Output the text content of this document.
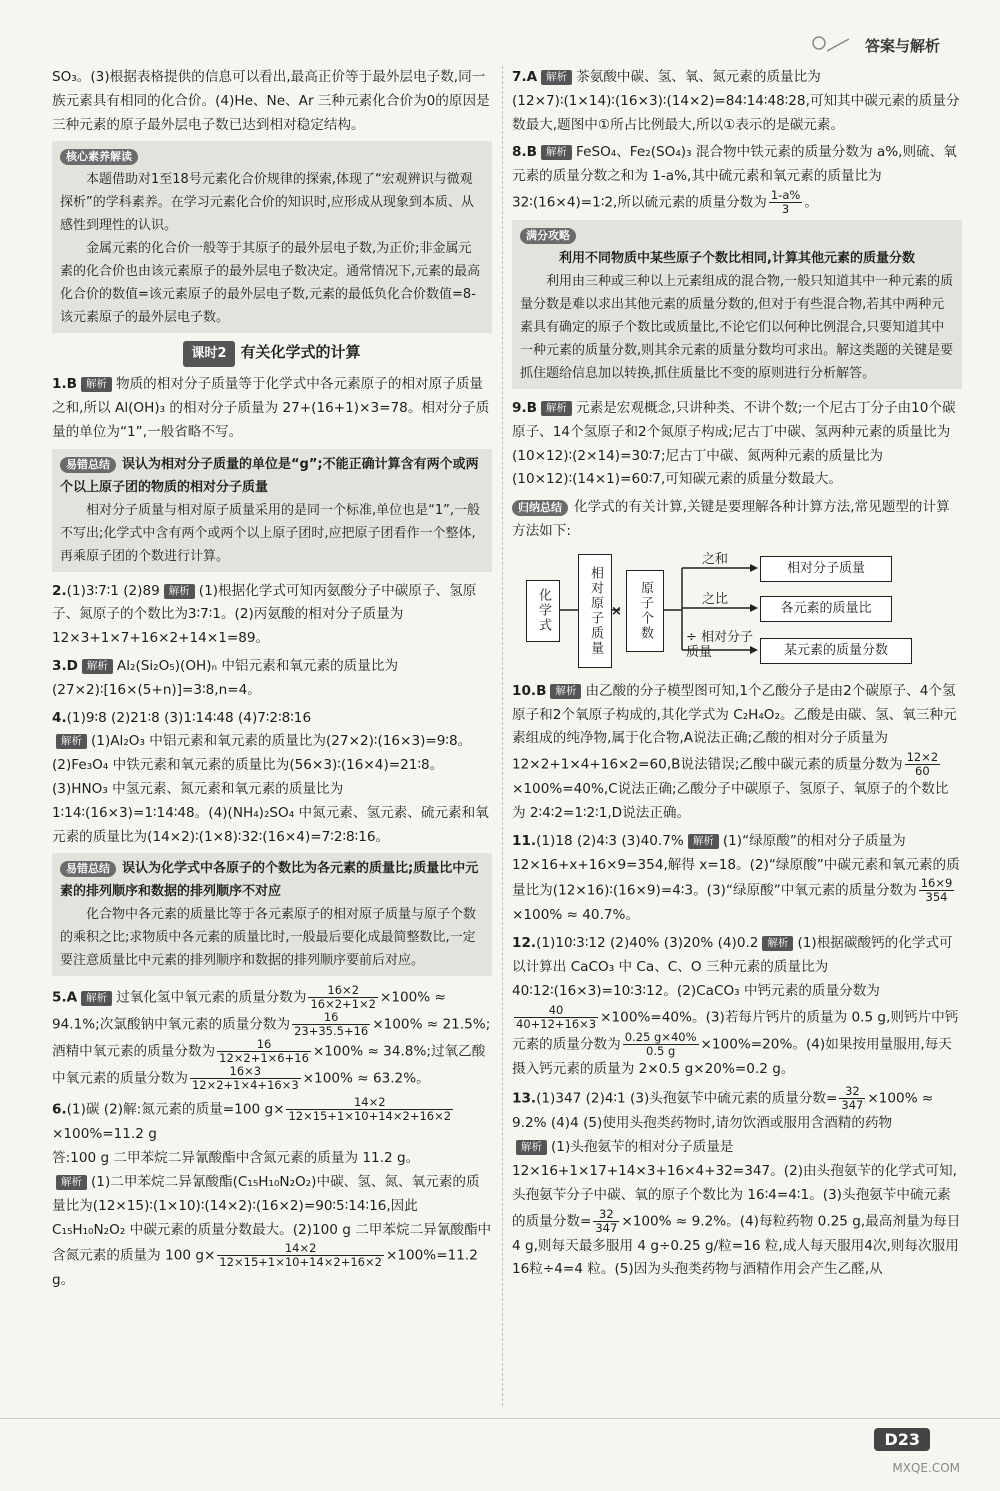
答案与解析

SO₃。(3)根据表格提供的信息可以看出,最高正价等于最外层电子数,同一族元素具有相同的化合价。(4)He、Ne、Ar 三种元素化合价为0的原因是三种元素的原子最外层电子数已达到相对稳定结构。

核心素养解读

本题借助对1至18号元素化合价规律的探索,体现了“宏观辨识与微观探析”的学科素养。在学习元素化合价的知识时,应形成从现象到本质、从感性到理性的认识。

金属元素的化合价一般等于其原子的最外层电子数,为正价;非金属元素的化合价也由该元素原子的最外层电子数决定。通常情况下,元素的最高化合价的数值=该元素原子的最外层电子数,元素的最低负化合价数值=8-该元素原子的最外层电子数。

课时2 有关化学式的计算

1.B 解析 物质的相对分子质量等于化学式中各元素原子的相对原子质量之和,所以 Al(OH)₃ 的相对分子质量为 27+(16+1)×3=78。相对分子质量的单位为“1”,一般省略不写。

易错总结 误认为相对分子质量的单位是“g”;不能正确计算含有两个或两个以上原子团的物质的相对分子质量

相对分子质量与相对原子质量采用的是同一个标准,单位也是“1”,一般不写出;化学式中含有两个或两个以上原子团时,应把原子团看作一个整体,再乘原子团的个数进行计算。

2.(1)3∶7∶1 (2)89 解析 (1)根据化学式可知丙氨酸分子中碳原子、氢原子、氮原子的个数比为3∶7∶1。(2)丙氨酸的相对分子质量为 12×3+1×7+16×2+14×1=89。

3.D 解析 Al₂(Si₂O₅)(OH)ₙ 中铝元素和氧元素的质量比为(27×2)∶[16×(5+n)]=3∶8,n=4。

4.(1)9∶8 (2)21∶8 (3)1∶14∶48 (4)7∶2∶8∶16
解析 (1)Al₂O₃ 中铝元素和氧元素的质量比为(27×2)∶(16×3)=9∶8。(2)Fe₃O₄ 中铁元素和氧元素的质量比为(56×3)∶(16×4)=21∶8。(3)HNO₃ 中氢元素、氮元素和氧元素的质量比为 1∶14∶(16×3)=1∶14∶48。(4)(NH₄)₂SO₄ 中氮元素、氢元素、硫元素和氧元素的质量比为(14×2)∶(1×8)∶32∶(16×4)=7∶2∶8∶16。

易错总结 误认为化学式中各原子的个数比为各元素的质量比;质量比中元素的排列顺序和数据的排列顺序不对应

化合物中各元素的质量比等于各元素原子的相对原子质量与原子个数的乘积之比;求物质中各元素的质量比时,一般最后要化成最简整数比,一定要注意质量比中元素的排列顺序和数据的排列顺序要前后对应。

5.A 解析 过氧化氢中氧元素的质量分数为 $\frac{16\times 2}{16\times 2+1\times 2} \times 100\% \approx 94.1\%$;次氯酸钠中氧元素的质量分数为 $\frac{16}{23+35.5+16} \times 100\% \approx 21.5\%$;酒精中氧元素的质量分数为 $\frac{16}{12\times 2+1\times 6+16} \times 100\% \approx 34.8\%$;过氧乙酸中氧元素的质量分数为 $\frac{16\times 3}{12\times 2+1\times 4+16\times 3} \times 100\% \approx 63.2\%$。

6.(1)碳 (2)解:氮元素的质量=100 $g\times \frac{14\times 2}{12\times 15+1\times 10+14\times 2+16\times 2}$
×100%=11.2 g
答:100 g 二甲苯烷二异氰酸酯中含氮元素的质量为 11.2 g。
解析 (1)二甲苯烷二异氰酸酯(C₁₅H₁₀N₂O₂)中碳、氢、氮、氧元素的质量比为(12×15)∶(1×10)∶(14×2)∶(16×2)=90∶5∶14∶16,因此 C₁₅H₁₀N₂O₂ 中碳元素的质量分数最大。(2)100 g 二甲苯烷二异氰酸酯中含氮元素的质量为 100 $g\times \frac{14\times 2}{12\times 15+1\times 10+14\times 2+16\times 2} \times 100\%=11.2$ g。

7.A 解析 茶氨酸中碳、氢、氧、氮元素的质量比为(12×7)∶(1×14)∶(16×3)∶(14×2)=84∶14∶48∶28,可知其中碳元素的质量分数最大,题图中①所占比例最大,所以①表示的是碳元素。

8.B 解析 FeSO₄、Fe₂(SO₄)₃ 混合物中铁元素的质量分数为 a%,则硫、氧元素的质量分数之和为 1-a%,其中硫元素和氧元素的质量比为 32∶(16×4)=1∶2,所以硫元素的质量分数为 $\frac{1-a\%}{3}$ 。

满分攻略
利用不同物质中某些原子个数比相同,计算其他元素的质量分数

利用由三种或三种以上元素组成的混合物,一般只知道其中一种元素的质量分数是难以求出其他元素的质量分数的,但对于有些混合物,若其中两种元素具有确定的原子个数比或质量比,不论它们以何种比例混合,只要知道其中一种元素的质量分数,则其余元素的质量分数均可求出。解这类题的关键是要抓住题给信息加以转换,抓住质量比不变的原则进行分析解答。

9.B 解析 元素是宏观概念,只讲种类、不讲个数;一个尼古丁分子由10个碳原子、14个氢原子和2个氮原子构成;尼古丁中碳、氢两种元素的质量比为(10×12)∶(2×14)=30∶7;尼古丁中碳、氮两种元素的质量比为(10×12)∶(14×1)=60∶7,可知碳元素的质量分数最大。

归纳总结 化学式的有关计算,关键是要理解各种计算方法,常见题型的计算方法如下:

化学式	相对原子质量 × 原子个数
之和
之比
÷ 相对分子质量
相对分子质量
各元素的质量比
某元素的质量分数

10.B 解析 由乙酸的分子模型图可知,1个乙酸分子是由2个碳原子、4个氢原子和2个氧原子构成的,其化学式为 C₂H₄O₂。乙酸是由碳、氢、氧三种元素组成的纯净物,属于化合物,A说法正确;乙酸的相对分子质量为 12×2+1×4+16×2=60,B说法错误;乙酸中碳元素的质量分数为 $\frac{12\times 2}{60}$
×100%=40%,C说法正确;乙酸分子中碳原子、氢原子、氧原子的个数比为 2∶4∶2=1∶2∶1,D说法正确。

11.(1)18 (2)4∶3 (3)40.7% 解析 (1)“绿原酸”的相对分子质量为 12×16+x+16×9=354,解得 x=18。(2)“绿原酸”中碳元素和氧元素的质量比为(12×16)∶(16×9)=4∶3。(3)“绿原酸”中氧元素的质量分数为 $\frac{16\times 9}{354}$
×100% ≈ 40.7%。

12.(1)10∶3∶12 (2)40% (3)20% (4)0.2 解析 (1)根据碳酸钙的化学式可以计算出 CaCO₃ 中 Ca、C、O 三种元素的质量比为 40∶12∶(16×3)=10∶3∶12。(2)CaCO₃ 中钙元素的质量分数为
$\frac{40}{40+12+16\times 3} \times 100\%=40\%$。(3)若每片钙片的质量为 0.5 g,则钙片中钙元素的质量分数为 $\frac{0.25 g\times 40\%}{0.5 g} \times 100\%=20\%$。(4)如果按用量服用,每天摄入钙元素的质量为 2×0.5 g×20%=0.2 g。

13.(1)347 (2)4∶1 (3)头孢氨苄中硫元素的质量分数= $\frac{32}{347} \times 100\% \approx 9.2\%$ (4)4 (5)使用头孢类药物时,请勿饮酒或服用含酒精的药物
解析 (1)头孢氨苄的相对分子质量是 12×16+1×17+14×3+16×4+32=347。(2)由头孢氨苄的化学式可知,头孢氨苄分子中碳、氧的原子个数比为 16∶4=4∶1。(3)头孢氨苄中硫元素的质量分数= $\frac{32}{347} \times 100\% \approx 9.2\%$。(4)每粒药物 0.25 g,最高剂量为每日 4 g,则每天最多服用 4 g÷0.25 g/粒=16 粒,成人每天服用4次,则每次服用16粒÷4=4 粒。(5)因为头孢类药物与酒精作用会产生乙醛,从

D23
MXQE.COM
